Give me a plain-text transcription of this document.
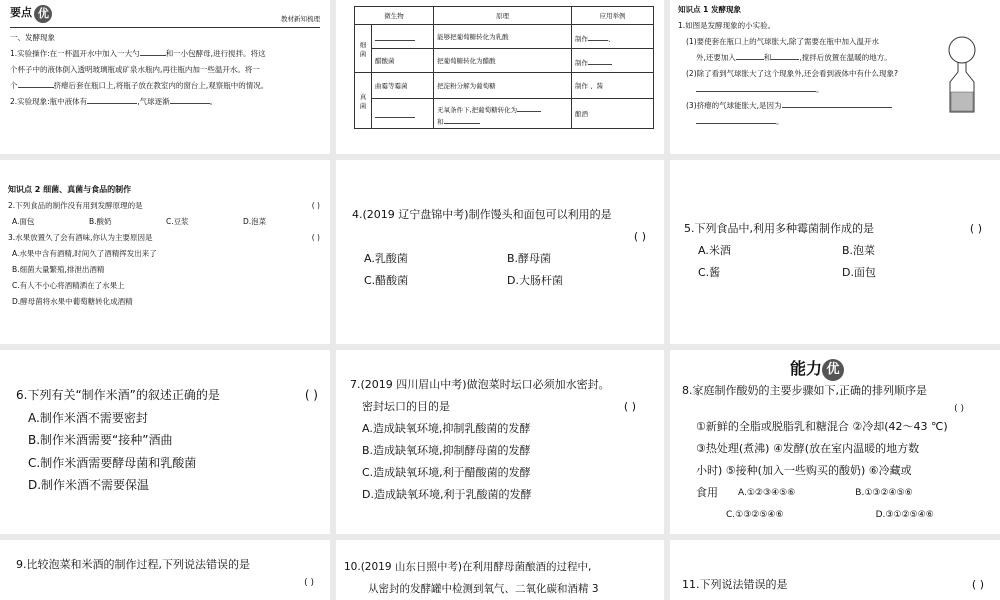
要点 优	教材新知梳理
一、发酵现象
1.实验操作:在一杯温开水中加入一大勺	和一小包酵母,进行搅拌。将这
个杯子中的液体倒入透明玻璃瓶或矿泉水瓶内,再往瓶内加一些温开水。将一
个	挤瘪后套在瓶口上,将瓶子放在教室内的窗台上,观察瓶中的情况。
2.实验现象:瓶中液体有	,气球逐渐	。
微生物		原理	应用举例
细菌		能够把葡萄糖转化为乳酸	制作 、
	醋酸菌	把葡萄糖转化为醋酸	制作
真菌	曲霉等霉菌	把淀粉分解为葡萄糖	制作 、酱
		无氧条件下,把葡萄糖转化为
和	酿酒
知识点 1 发酵现象
1.如图是发酵现象的小实验。
(1)要使套在瓶口上的气球胀大,除了需要在瓶中加入温开水
外,还要加入	和	,搅拌后放置在温暖的地方。
(2)除了看到气球胀大了这个现象外,还会看到液体中有什么现象?
。
(3)挤瘪的气球能胀大,是因为
。
知识点 2 细菌、真菌与食品的制作
2.下列食品的制作没有用到发酵原理的是	( )
A.面包	B.酸奶	C.豆浆	D.泡菜
3.水果放置久了会有酒味,你认为主要原因是	( )
A.水果中含有酒精,时间久了酒精挥发出来了
B.细菌大量繁殖,排泄出酒精
C.有人不小心将酒精洒在了水果上
D.酵母菌将水果中葡萄糖转化成酒精
4.(2019 辽宁盘锦中考)制作馒头和面包可以利用的是
( )
A.乳酸菌	B.酵母菌
C.醋酸菌	D.大肠杆菌
5.下列食品中,利用多种霉菌制作成的是	( )
A.米酒	B.泡菜
C.酱	D.面包
6.下列有关“制作米酒”的叙述正确的是	( )
A.制作米酒不需要密封
B.制作米酒需要“接种”酒曲
C.制作米酒需要酵母菌和乳酸菌
D.制作米酒不需要保温
7.(2019 四川眉山中考)做泡菜时坛口必须加水密封。
密封坛口的目的是	( )
A.造成缺氧环境,抑制乳酸菌的发酵
B.造成缺氧环境,抑制酵母菌的发酵
C.造成缺氧环境,利于醋酸菌的发酵
D.造成缺氧环境,利于乳酸菌的发酵
能力 优
8.家庭制作酸奶的主要步骤如下,正确的排列顺序是
( )
①新鲜的全脂或脱脂乳和糖混合 ②冷却(42～43 ℃)
③热处理(煮沸) ④发酵(放在室内温暖的地方数
小时) ⑤接种(加入一些购买的酸奶) ⑥冷藏或
食用 A.①②③④⑤⑥	B.①③②④⑤⑥
C.①③②⑤④⑥	D.③①②⑤④⑥
9.比较泡菜和米酒的制作过程,下列说法错误的是
( )
10.(2019 山东日照中考)在利用酵母菌酿酒的过程中,
从密封的发酵罐中检测到氧气、二氧化碳和酒精 3	11.下列说法错误的是	( )
